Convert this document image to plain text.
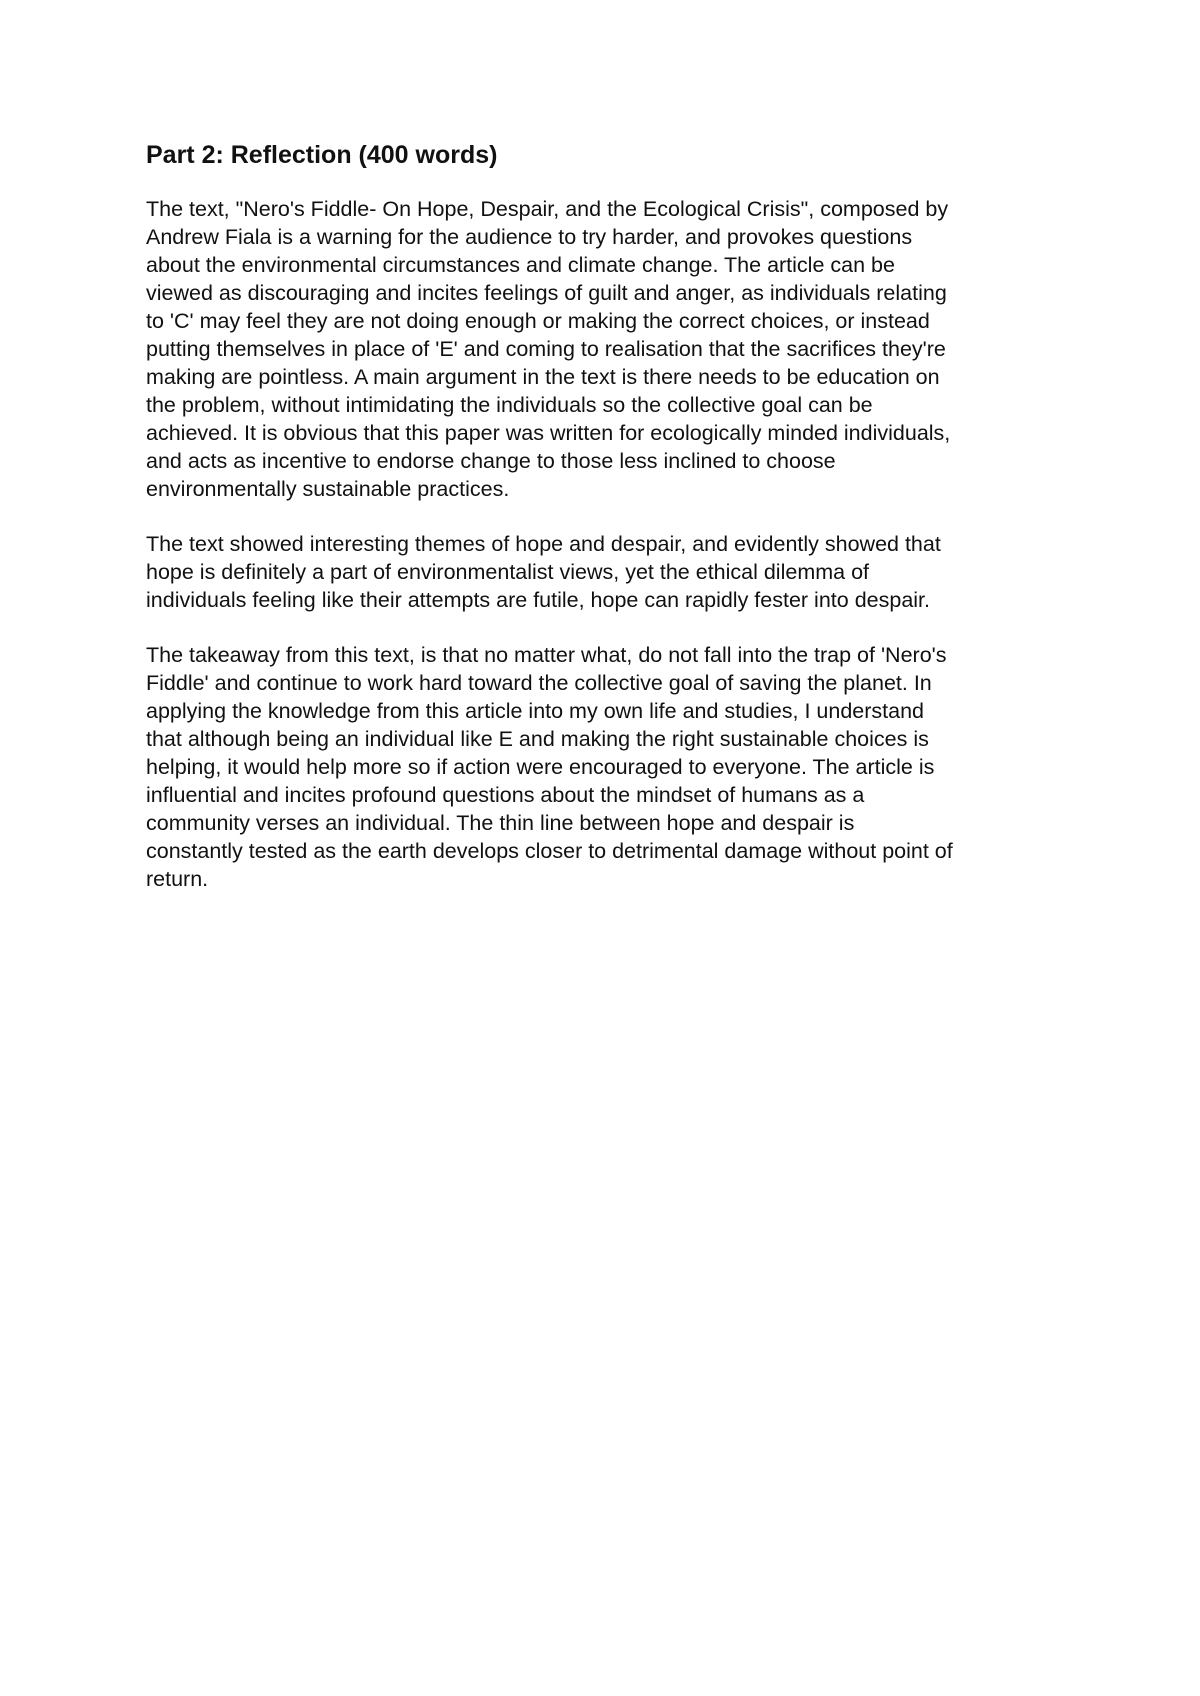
Part 2: Reflection (400 words)

The text, "Nero's Fiddle- On Hope, Despair, and the Ecological Crisis", composed by
Andrew Fiala is a warning for the audience to try harder, and provokes questions
about the environmental circumstances and climate change. The article can be
viewed as discouraging and incites feelings of guilt and anger, as individuals relating
to 'C' may feel they are not doing enough or making the correct choices, or instead
putting themselves in place of 'E' and coming to realisation that the sacrifices they're
making are pointless. A main argument in the text is there needs to be education on
the problem, without intimidating the individuals so the collective goal can be
achieved. It is obvious that this paper was written for ecologically minded individuals,
and acts as incentive to endorse change to those less inclined to choose
environmentally sustainable practices.

The text showed interesting themes of hope and despair, and evidently showed that
hope is definitely a part of environmentalist views, yet the ethical dilemma of
individuals feeling like their attempts are futile, hope can rapidly fester into despair.

The takeaway from this text, is that no matter what, do not fall into the trap of 'Nero's
Fiddle' and continue to work hard toward the collective goal of saving the planet. In
applying the knowledge from this article into my own life and studies, I understand
that although being an individual like E and making the right sustainable choices is
helping, it would help more so if action were encouraged to everyone. The article is
influential and incites profound questions about the mindset of humans as a
community verses an individual. The thin line between hope and despair is
constantly tested as the earth develops closer to detrimental damage without point of
return.
